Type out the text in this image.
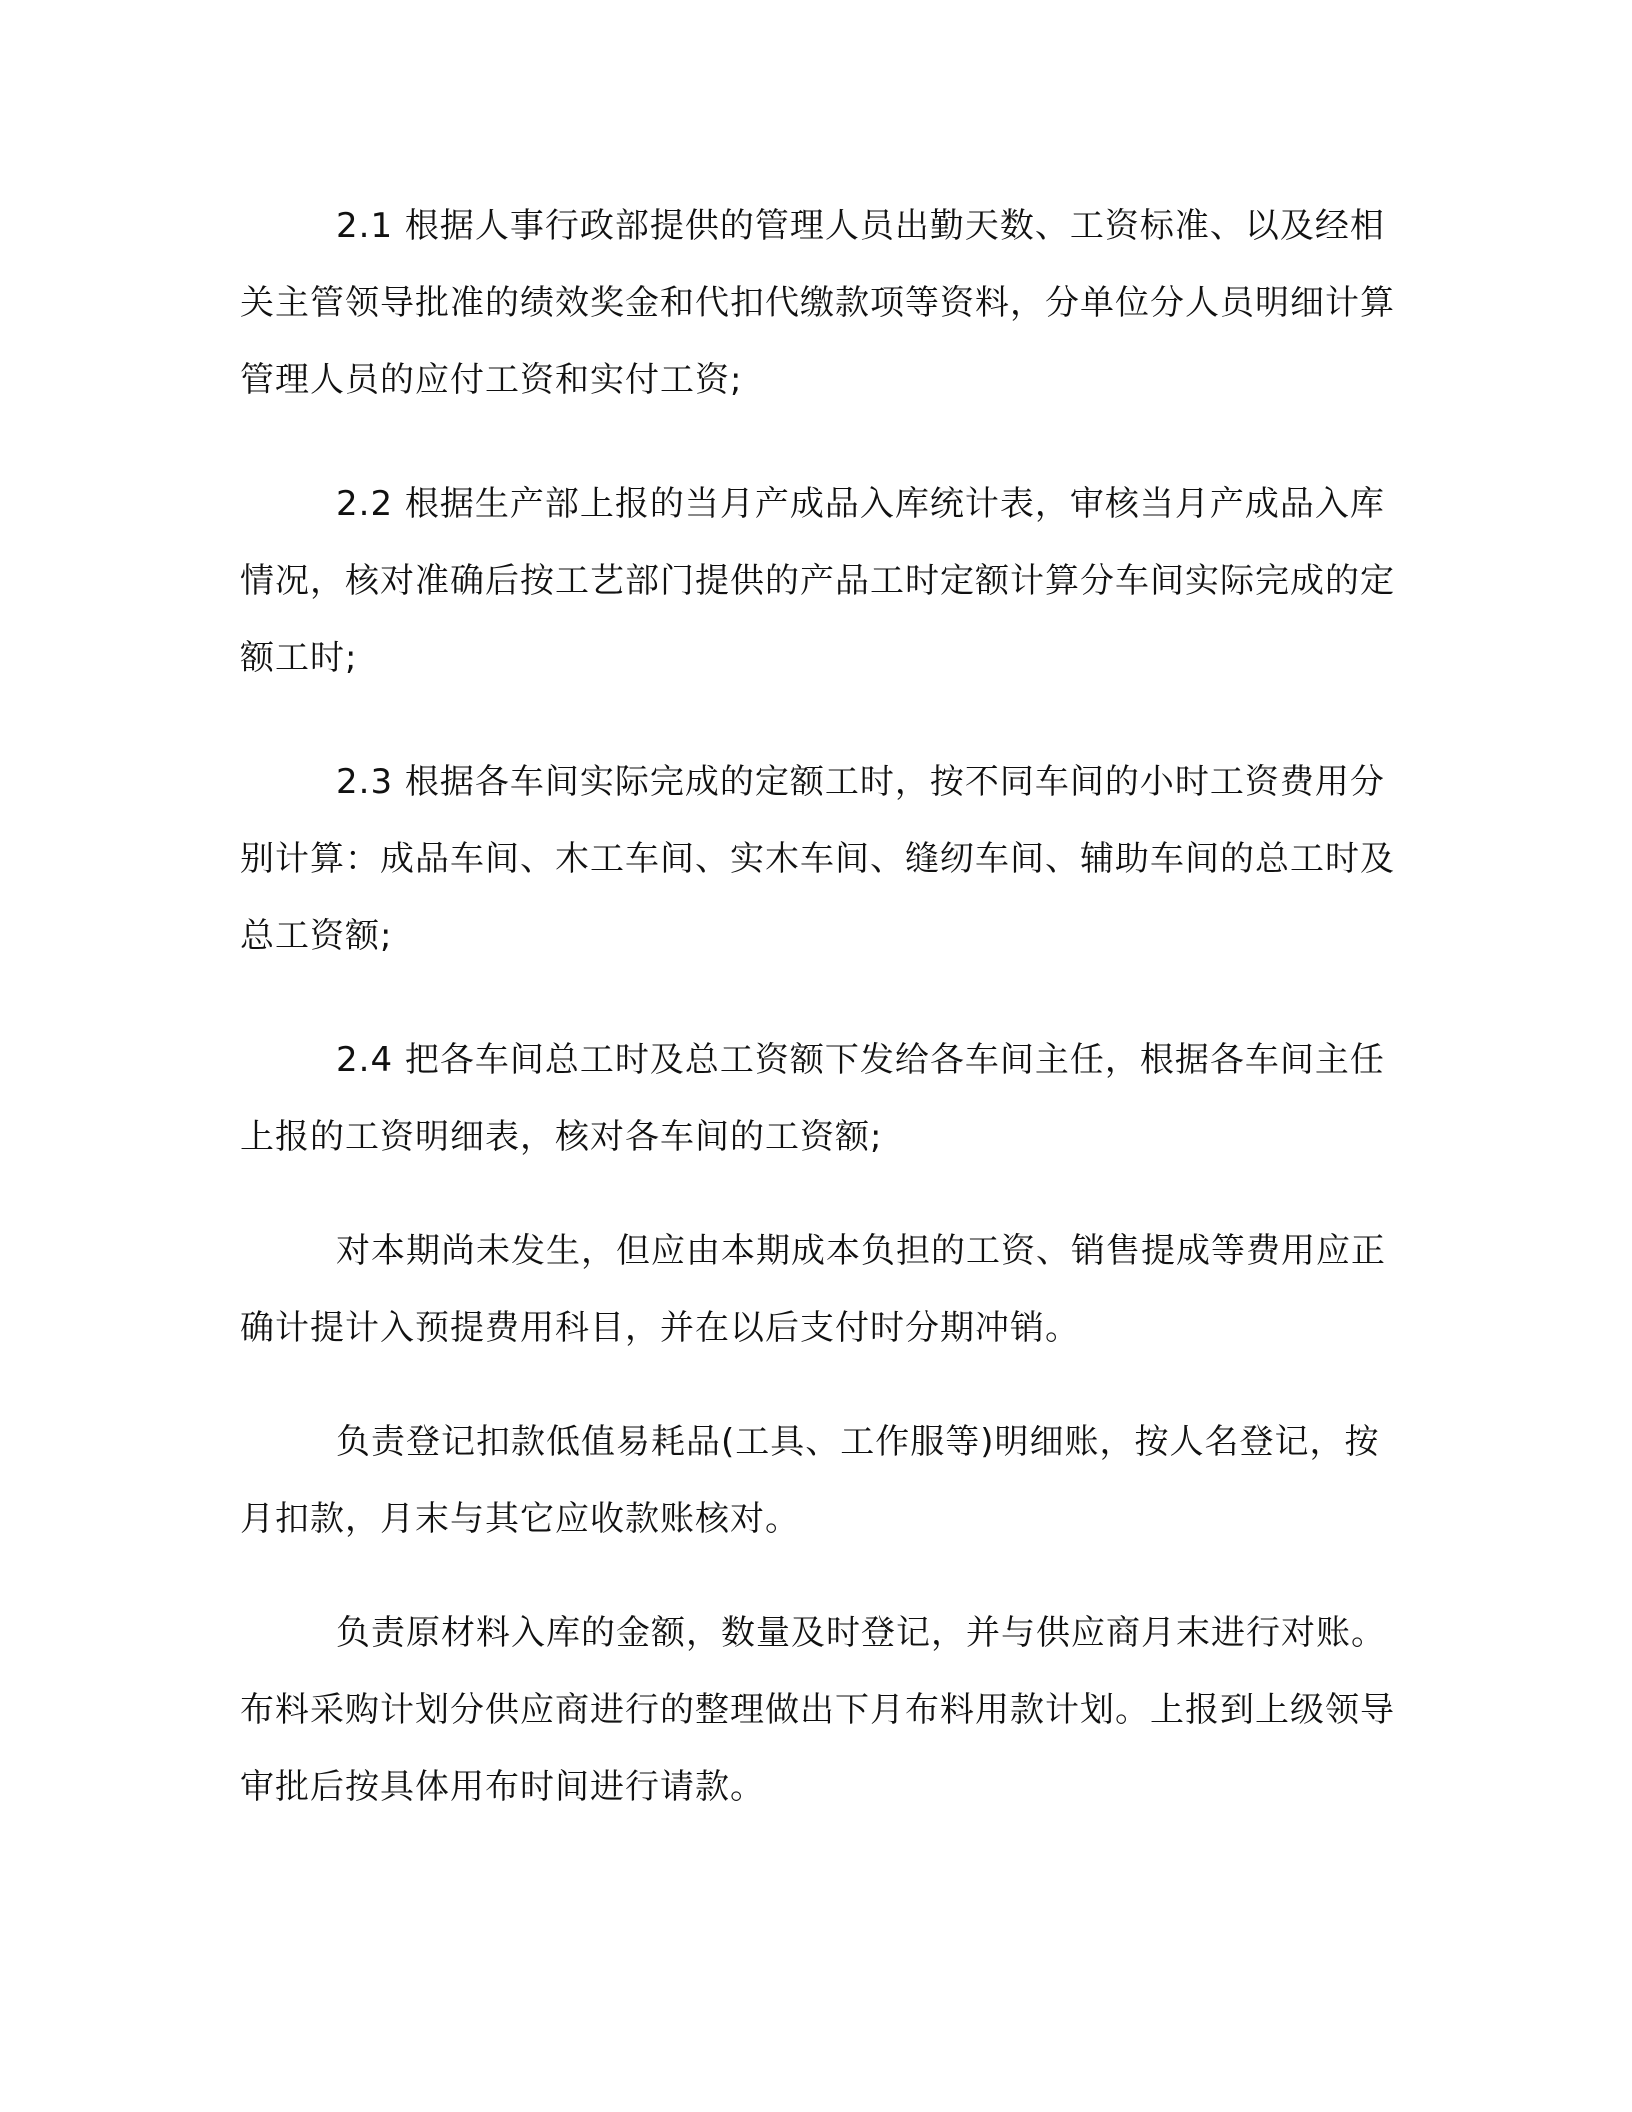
2.1 根据人事行政部提供的管理人员出勤天数、工资标准、以及经相关主管领导批准的绩效奖金和代扣代缴款项等资料，分单位分人员明细计算管理人员的应付工资和实付工资;

2.2 根据生产部上报的当月产成品入库统计表，审核当月产成品入库情况，核对准确后按工艺部门提供的产品工时定额计算分车间实际完成的定额工时;

2.3 根据各车间实际完成的定额工时，按不同车间的小时工资费用分别计算：成品车间、木工车间、实木车间、缝纫车间、辅助车间的总工时及总工资额;

2.4 把各车间总工时及总工资额下发给各车间主任，根据各车间主任上报的工资明细表，核对各车间的工资额;

对本期尚未发生，但应由本期成本负担的工资、销售提成等费用应正确计提计入预提费用科目，并在以后支付时分期冲销。

负责登记扣款低值易耗品(工具、工作服等)明细账，按人名登记，按月扣款，月末与其它应收款账核对。

负责原材料入库的金额，数量及时登记，并与供应商月末进行对账。布料采购计划分供应商进行的整理做出下月布料用款计划。上报到上级领导审批后按具体用布时间进行请款。
